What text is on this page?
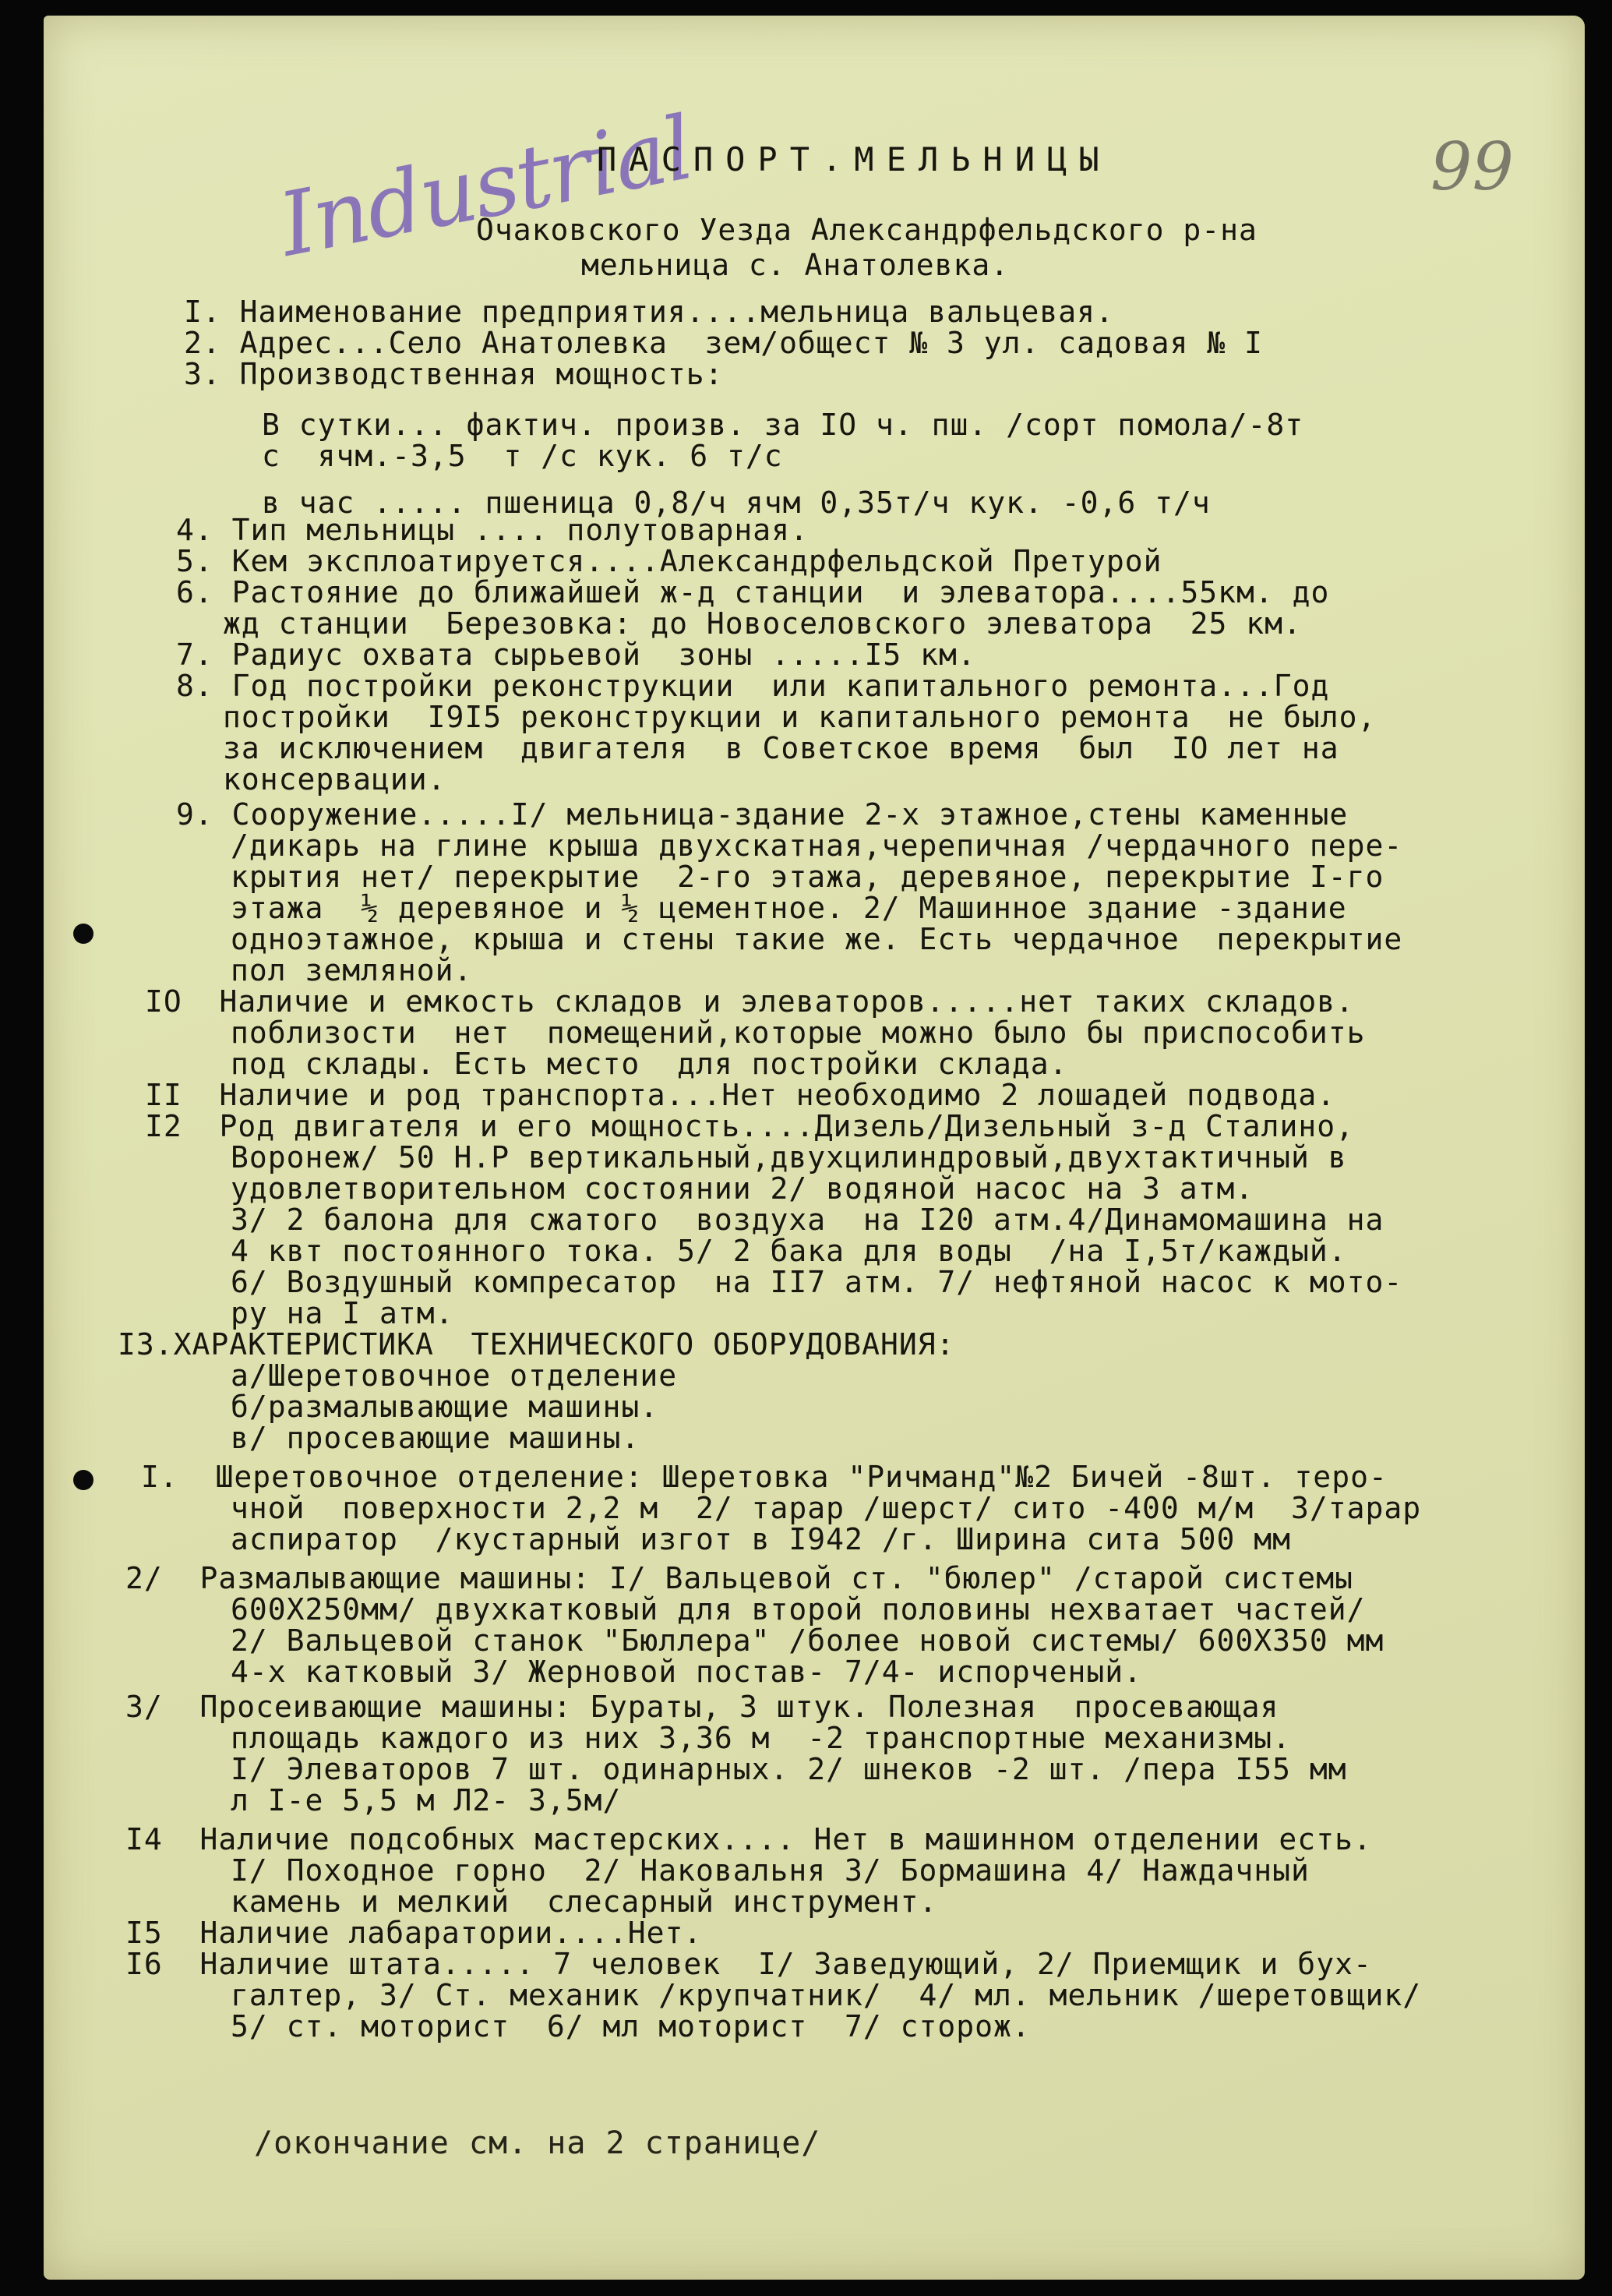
Industrial	99
ПАСПОРТ.МЕЛЬНИЦЫ
Очаковского Уезда Александрфельдского р-на
мельница с. Анатолевка.
I. Наименование предприятия....мельница вальцевая.
2. Адрес...Село Анатолевка  зем/общест № 3 ул. садовая № I
3. Производственная мощность:
В сутки... фактич. произв. за IO ч. пш. /сорт помола/-8т
с  ячм.-3,5  т /с кук. 6 т/с
в час ..... пшеница 0,8/ч ячм 0,35т/ч кук. -0,6 т/ч
4. Тип мельницы .... полутоварная.
5. Кем эксплоатируется....Александрфельдской Претурой
6. Растояние до ближайшей ж-д станции  и элеватора....55км. до
жд станции  Березовка: до Новоселовского элеватора  25 км.
7. Радиус охвата сырьевой  зоны .....I5 км.
8. Год постройки реконструкции  или капитального ремонта...Год
постройки  I9I5 реконструкции и капитального ремонта  не было,
за исключением  двигателя  в Советское время  был  IO лет на
консервации.
9. Сооружение.....I/ мельница-здание 2-х этажное,стены каменные
/дикарь на глине крыша двухскатная,черепичная /чердачного пере-
крытия нет/ перекрытие  2-го этажа, деревяное, перекрытие I-го
этажа  ½ деревяное и ½ цементное. 2/ Машинное здание -здание
одноэтажное, крыша и стены такие же. Есть чердачное  перекрытие
пол земляной.
IO  Наличие и емкость складов и элеваторов.....нет таких складов.
поблизости  нет  помещений,которые можно было бы приспособить
под склады. Есть место  для постройки склада.
II  Наличие и род транспорта...Нет необходимо 2 лошадей подвода.
I2  Род двигателя и его мощность....Дизель/Дизельный з-д Сталино,
Воронеж/ 50 Н.Р вертикальный,двухцилиндровый,двухтактичный в
удовлетворительном состоянии 2/ водяной насос на 3 атм.
3/ 2 балона для сжатого  воздуха  на I20 атм.4/Динамомашина на
4 квт постоянного тока. 5/ 2 бака для воды  /на I,5т/каждый.
6/ Воздушный компресатор  на II7 атм. 7/ нефтяной насос к мото-
ру на I атм.
I3.ХАРАКТЕРИСТИКА  ТЕХНИЧЕСКОГО ОБОРУДОВАНИЯ:
а/Шеретовочное отделение
б/размалывающие машины.
в/ просевающие машины.
I.  Шеретовочное отделение: Шеретовка "Ричманд"№2 Бичей -8шт. теро-
чной  поверхности 2,2 м  2/ тарар /шерст/ сито -400 м/м  3/тарар
аспиратор  /кустарный изгот в I942 /г. Ширина сита 500 мм
2/  Размалывающие машины: I/ Вальцевой ст. "бюлер" /старой системы
600Х250мм/ двухкатковый для второй половины нехватает частей/
2/ Вальцевой станок "Бюллера" /более новой системы/ 600Х350 мм
4-х катковый 3/ Жерновой постав- 7/4- испорченый.
3/  Просеивающие машины: Бураты, 3 штук. Полезная  просевающая
площадь каждого из них 3,36 м  -2 транспортные механизмы.
I/ Элеваторов 7 шт. одинарных. 2/ шнеков -2 шт. /пера I55 мм
л I-е 5,5 м Л2- 3,5м/
I4  Наличие подсобных мастерских.... Нет в машинном отделении есть.
I/ Походное горно  2/ Наковальня 3/ Бормашина 4/ Наждачный
камень и мелкий  слесарный инструмент.
I5  Наличие лабаратории....Нет.
I6  Наличие штата..... 7 человек  I/ Заведующий, 2/ Приемщик и бух-
галтер, 3/ Ст. механик /крупчатник/  4/ мл. мельник /шеретовщик/
5/ ст. моторист  6/ мл моторист  7/ сторож.
/окончание см. на 2 странице/
